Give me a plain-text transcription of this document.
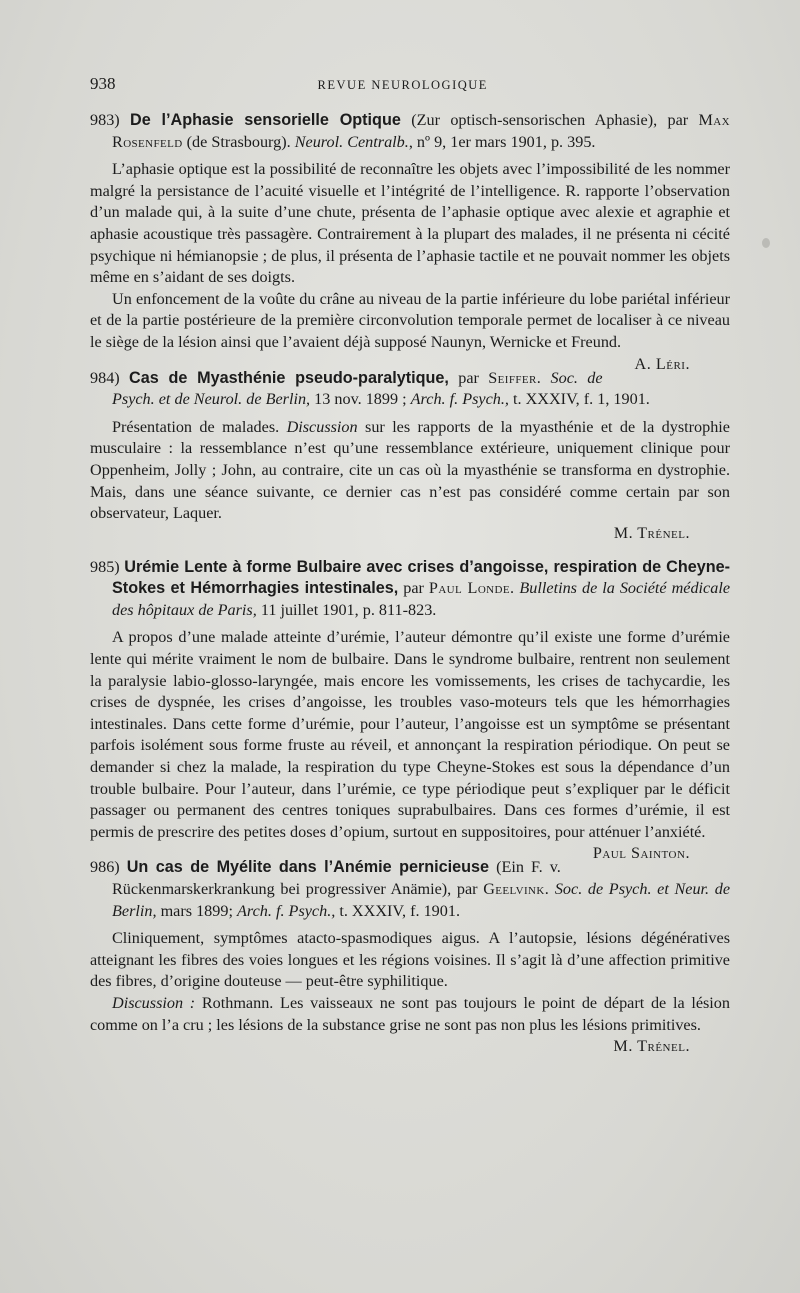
938	REVUE NEUROLOGIQUE
983) De l’Aphasie sensorielle Optique (Zur optisch-sensorischen Aphasie), par Max Rosenfeld (de Strasbourg). Neurol. Centralb., nº 9, 1er mars 1901, p. 395.

L’aphasie optique est la possibilité de reconnaître les objets avec l’impossibilité de les nommer malgré la persistance de l’acuité visuelle et l’intégrité de l’intelligence. R. rapporte l’observation d’un malade qui, à la suite d’une chute, présenta de l’aphasie optique avec alexie et agraphie et aphasie acoustique très passagère. Contrairement à la plupart des malades, il ne présenta ni cécité psychique ni hémianopsie ; de plus, il présenta de l’aphasie tactile et ne pouvait nommer les objets même en s’aidant de ses doigts.

Un enfoncement de la voûte du crâne au niveau de la partie inférieure du lobe pariétal inférieur et de la partie postérieure de la première circonvolution temporale permet de localiser à ce niveau le siège de la lésion ainsi que l’avaient déjà supposé Naunyn, Wernicke et Freund.
A. Léri.

984) Cas de Myasthénie pseudo-paralytique, par Seiffer. Soc. de Psych. et de Neurol. de Berlin, 13 nov. 1899 ; Arch. f. Psych., t. XXXIV, f. 1, 1901.

Présentation de malades. Discussion sur les rapports de la myasthénie et de la dystrophie musculaire : la ressemblance n’est qu’une ressemblance extérieure, uniquement clinique pour Oppenheim, Jolly ; John, au contraire, cite un cas où la myasthénie se transforma en dystrophie. Mais, dans une séance suivante, ce dernier cas n’est pas considéré comme certain par son observateur, Laquer.

M. Trénel.
985) Urémie Lente à forme Bulbaire avec crises d’angoisse, respiration de Cheyne-Stokes et Hémorrhagies intestinales, par Paul Londe. Bulletins de la Société médicale des hôpitaux de Paris, 11 juillet 1901, p. 811-823.

A propos d’une malade atteinte d’urémie, l’auteur démontre qu’il existe une forme d’urémie lente qui mérite vraiment le nom de bulbaire. Dans le syndrome bulbaire, rentrent non seulement la paralysie labio-glosso-laryngée, mais encore les vomissements, les crises de tachycardie, les crises de dyspnée, les crises d’angoisse, les troubles vaso-moteurs tels que les hémorrhagies intestinales. Dans cette forme d’urémie, pour l’auteur, l’angoisse est un symptôme se présentant parfois isolément sous forme fruste au réveil, et annonçant la respiration périodique. On peut se demander si chez la malade, la respiration du type Cheyne-Stokes est sous la dépendance d’un trouble bulbaire. Pour l’auteur, dans l’urémie, ce type périodique peut s’expliquer par le déficit passager ou permanent des centres toniques suprabulbaires. Dans ces formes d’urémie, il est permis de prescrire des petites doses d’opium, surtout en suppositoires, pour atténuer l’anxiété.
Paul Sainton.

986) Un cas de Myélite dans l’Anémie pernicieuse (Ein F. v. Rückenmarskerkrankung bei progressiver Anämie), par Geelvink. Soc. de Psych. et Neur. de Berlin, mars 1899; Arch. f. Psych., t. XXXIV, f. 1901.

Cliniquement, symptômes atacto-spasmodiques aigus. A l’autopsie, lésions dégénératives atteignant les fibres des voies longues et les régions voisines. Il s’agit là d’une affection primitive des fibres, d’origine douteuse — peut-être syphilitique.

Discussion : Rothmann. Les vaisseaux ne sont pas toujours le point de départ de la lésion comme on l’a cru ; les lésions de la substance grise ne sont pas non plus les lésions primitives.
M. Trénel.
